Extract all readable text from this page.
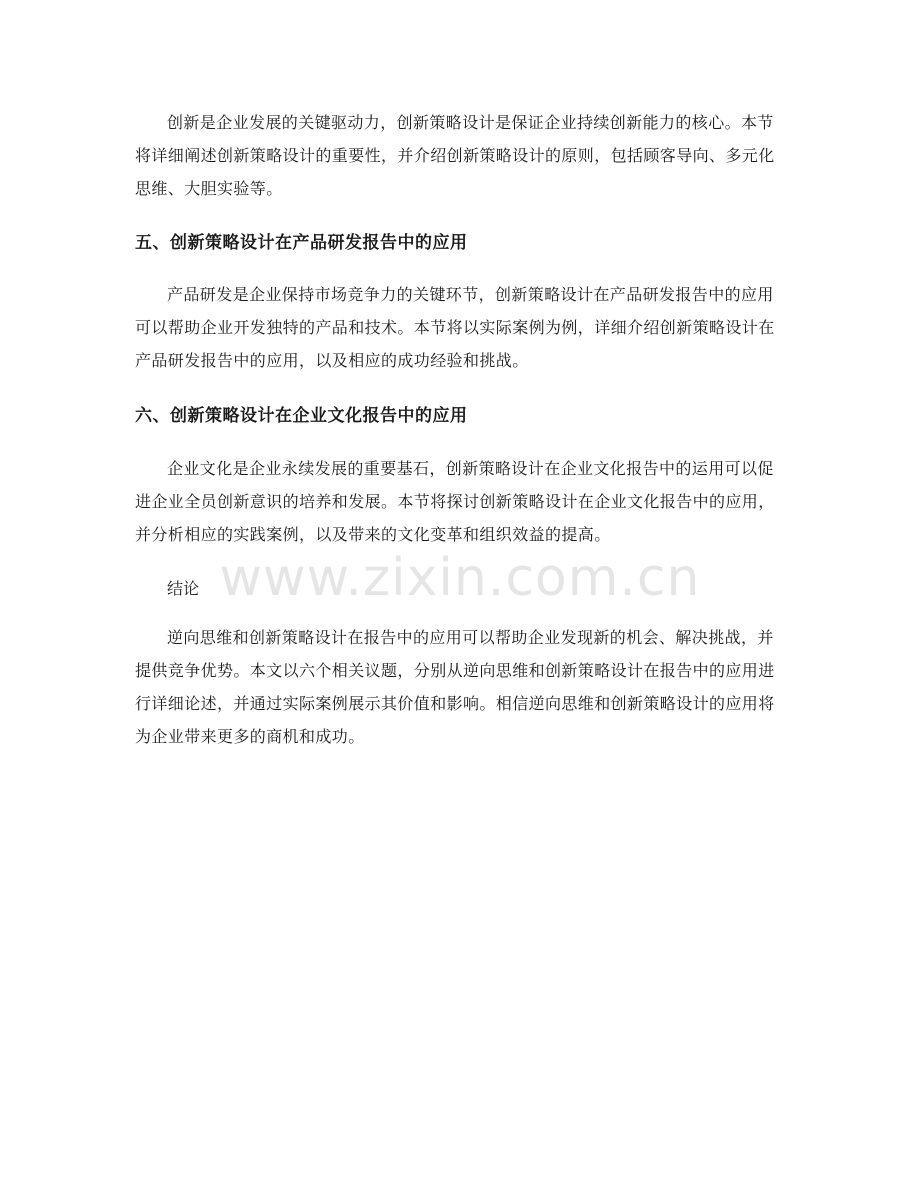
创新是企业发展的关键驱动力，创新策略设计是保证企业持续创新能力的核心。本节将详细阐述创新策略设计的重要性，并介绍创新策略设计的原则，包括顾客导向、多元化思维、大胆实验等。

五、创新策略设计在产品研发报告中的应用

产品研发是企业保持市场竞争力的关键环节，创新策略设计在产品研发报告中的应用可以帮助企业开发独特的产品和技术。本节将以实际案例为例，详细介绍创新策略设计在产品研发报告中的应用，以及相应的成功经验和挑战。

六、创新策略设计在企业文化报告中的应用

企业文化是企业永续发展的重要基石，创新策略设计在企业文化报告中的运用可以促进企业全员创新意识的培养和发展。本节将探讨创新策略设计在企业文化报告中的应用，并分析相应的实践案例，以及带来的文化变革和组织效益的提高。

结论

逆向思维和创新策略设计在报告中的应用可以帮助企业发现新的机会、解决挑战，并提供竞争优势。本文以六个相关议题，分别从逆向思维和创新策略设计在报告中的应用进行详细论述，并通过实际案例展示其价值和影响。相信逆向思维和创新策略设计的应用将为企业带来更多的商机和成功。

www.zixin.com.cn
